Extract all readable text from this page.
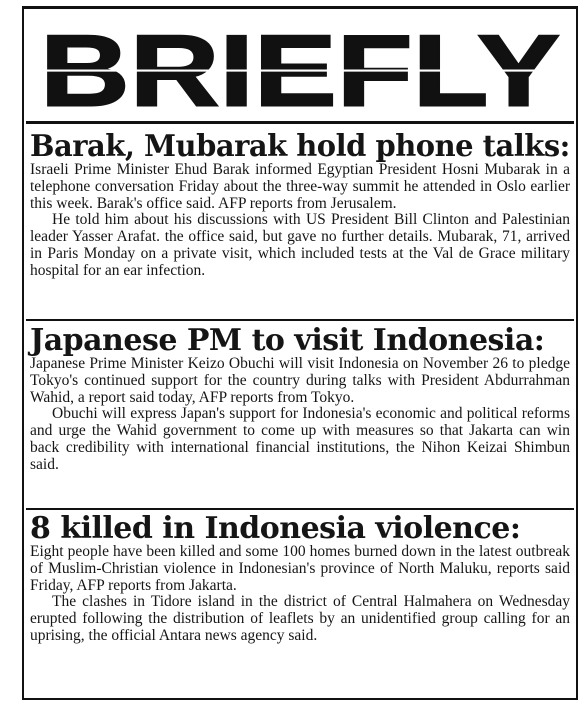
BRIEFLY
Barak, Mubarak hold phone talks:

Israeli Prime Minister Ehud Barak informed Egyptian President Hosni Mubarak in a telephone conversation Friday about the three-way summit he attended in Oslo earlier this week. Barak's office said. AFP reports from Jerusalem.

He told him about his discussions with US President Bill Clinton and Palestinian leader Yasser Arafat. the office said, but gave no further details. Mubarak, 71, arrived in Paris Monday on a private visit, which included tests at the Val de Grace military hospital for an ear infection.

Japanese PM to visit Indonesia:

Japanese Prime Minister Keizo Obuchi will visit Indonesia on November 26 to pledge Tokyo's continued support for the country during talks with President Abdurrahman Wahid, a report said today, AFP reports from Tokyo.

Obuchi will express Japan's support for Indonesia's economic and political reforms and urge the Wahid government to come up with measures so that Jakarta can win back credibility with international financial institutions, the Nihon Keizai Shimbun said.

8 killed in Indonesia violence:

Eight people have been killed and some 100 homes burned down in the latest outbreak of Muslim-Christian violence in Indonesian's province of North Maluku, reports said Friday, AFP reports from Jakarta.

The clashes in Tidore island in the district of Central Halmahera on Wednesday erupted following the distribution of leaflets by an unidentified group calling for an uprising, the official Antara news agency said.
